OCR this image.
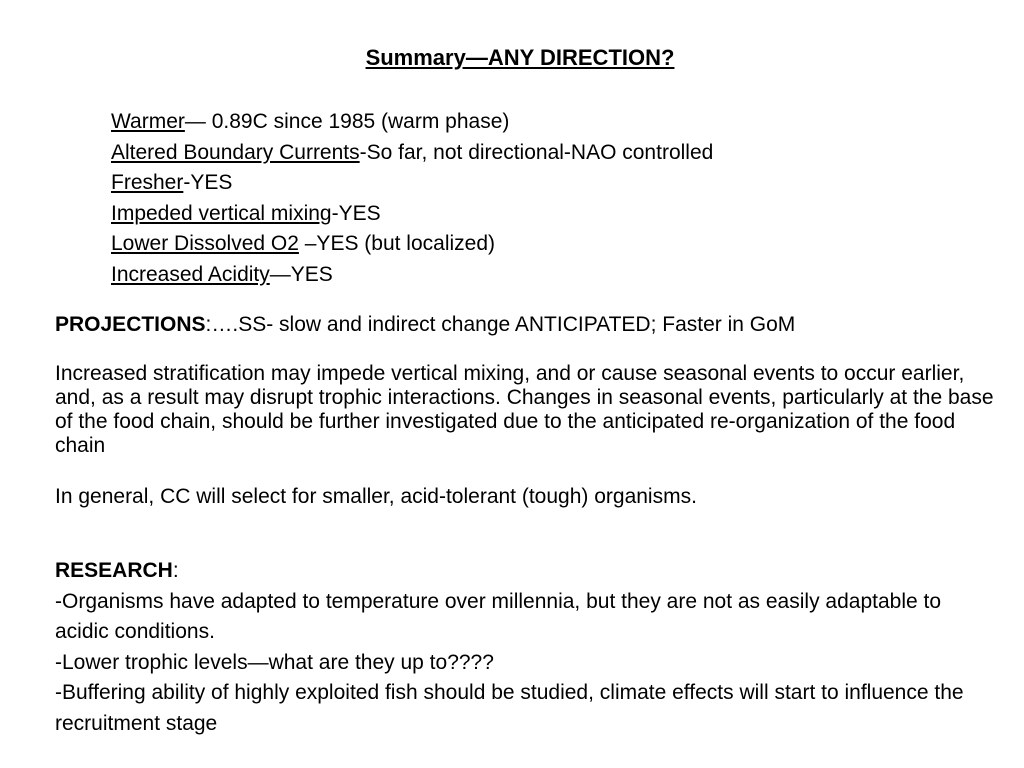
Summary—ANY DIRECTION?
Warmer— 0.89C since 1985 (warm phase)
Altered Boundary Currents-So far, not directional-NAO controlled
Fresher-YES
Impeded vertical mixing-YES
Lower Dissolved O2 –YES (but localized)
Increased Acidity—YES
PROJECTIONS:….SS- slow and indirect change ANTICIPATED; Faster in GoM
Increased stratification may impede vertical mixing, and or cause seasonal events to occur earlier, and, as a result may disrupt trophic interactions. Changes in seasonal events, particularly at the base of the food chain, should be further investigated due to the anticipated re-organization of the food chain
In general, CC will select for smaller, acid-tolerant (tough) organisms.
RESEARCH:
-Organisms have adapted to temperature over millennia, but they are not as easily adaptable to acidic conditions.
-Lower trophic levels—what are they up to????
-Buffering ability of highly exploited fish should be studied, climate effects will start to influence the recruitment stage
